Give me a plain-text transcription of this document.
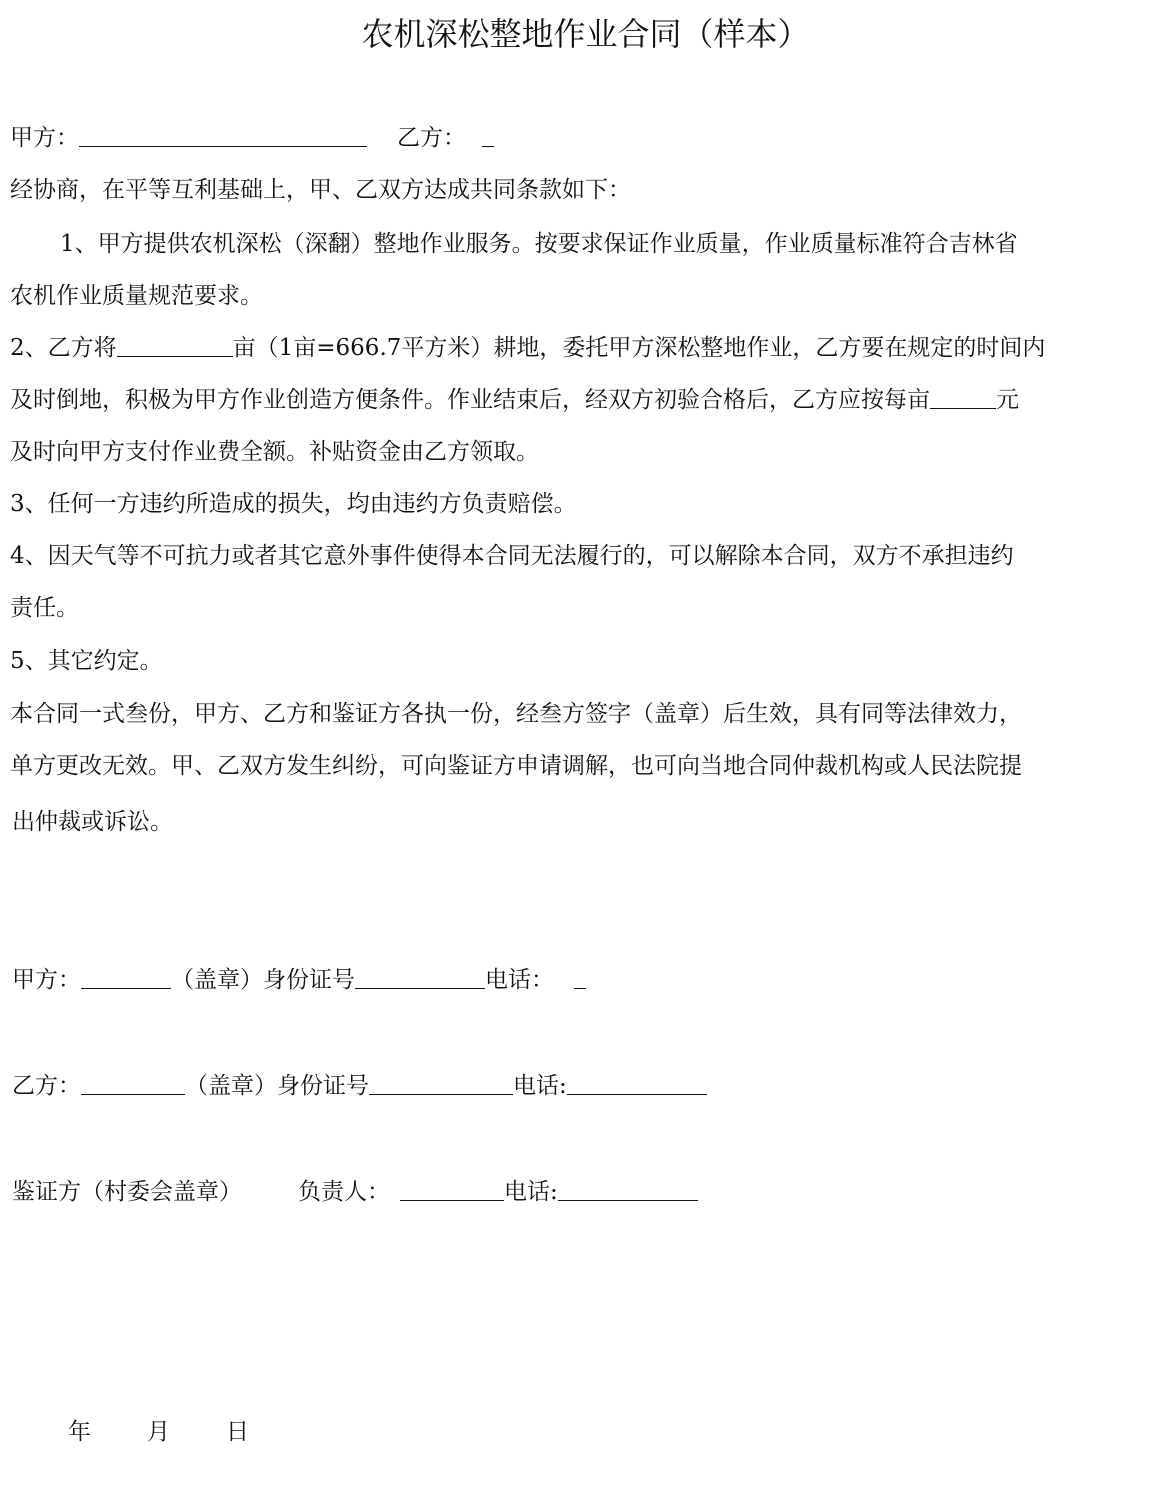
农机深松整地作业合同（样本）
甲方：	乙方：
经协商，在平等互利基础上，甲、乙双方达成共同条款如下：
1、甲方提供农机深松（深翻）整地作业服务。按要求保证作业质量，作业质量标准符合吉林省
农机作业质量规范要求。
2、乙方将	亩（1亩=666.7平方米）耕地，委托甲方深松整地作业，乙方要在规定的时间内
及时倒地，积极为甲方作业创造方便条件。作业结束后，经双方初验合格后，乙方应按每亩	元
及时向甲方支付作业费全额。补贴资金由乙方领取。
3、任何一方违约所造成的损失，均由违约方负责赔偿。
4、因天气等不可抗力或者其它意外事件使得本合同无法履行的，可以解除本合同，双方不承担违约
责任。
5、其它约定。
本合同一式叁份，甲方、乙方和鉴证方各执一份，经叁方签字（盖章）后生效，具有同等法律效力，
单方更改无效。甲、乙双方发生纠纷，可向鉴证方申请调解，也可向当地合同仲裁机构或人民法院提
出仲裁或诉讼。
甲方：	（盖章）身份证号	电话：
乙方：	（盖章）身份证号	电话:
鉴证方（村委会盖章） 负责人：	电话:
年 月 日
